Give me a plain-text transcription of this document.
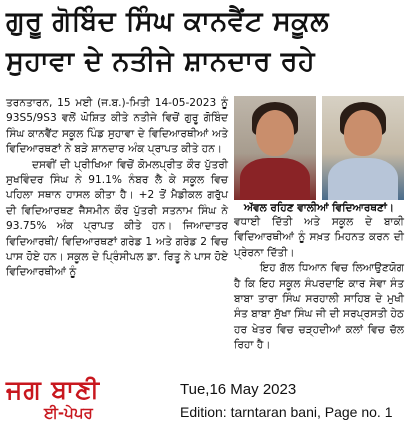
ਗੁਰੂ ਗੋਬਿੰਦ ਸਿੰਘ ਕਾਨਵੈਂਟ ਸਕੂਲ
ਸੁਹਾਵਾ ਦੇ ਨਤੀਜੇ ਸ਼ਾਨਦਾਰ ਰਹੇ

ਤਰਨਤਾਰਨ, 15 ਮਈ (ਜ.ਬ.)-ਮਿਤੀ 14-05-2023 ਨੂੰ 93S5/9S3 ਵਲੋਂ ਘੋਸ਼ਿਤ ਕੀਤੇ ਨਤੀਜੇ ਵਿਚੋਂ ਗੁਰੂ ਗੋਬਿੰਦ ਸਿੰਘ ਕਾਨਵੈਂਟ ਸਕੂਲ ਪਿੰਡ ਸੁਹਾਵਾ ਦੇ ਵਿਦਿਆਰਥੀਆਂ ਅਤੇ ਵਿਦਿਆਰਥਣਾਂ ਨੇ ਬੜੇ ਸ਼ਾਨਦਾਰ ਅੰਕ ਪ੍ਰਾਪਤ ਕੀਤੇ ਹਨ।

ਦਸਵੀਂ ਦੀ ਪ੍ਰੀਖਿਆ ਵਿਚੋਂ ਕੋਮਲਪ੍ਰੀਤ ਕੌਰ ਪੁੱਤਰੀ ਸੁਖਵਿੰਦਰ ਸਿੰਘ ਨੇ 91.1% ਨੰਬਰ ਲੈ ਕੇ ਸਕੂਲ ਵਿਚ ਪਹਿਲਾ ਸਥਾਨ ਹਾਸਲ ਕੀਤਾ ਹੈ। +2 ਤੋਂ ਮੈਡੀਕਲ ਗਰੁੱਪ ਦੀ ਵਿਦਿਆਰਥਣ ਜੈਸਮੀਨ ਕੌਰ ਪੁੱਤਰੀ ਸਤਨਾਮ ਸਿੰਘ ਨੇ 93.75% ਅੰਕ ਪ੍ਰਾਪਤ ਕੀਤੇ ਹਨ। ਜਿਆਦਾਤਰ ਵਿਦਿਆਰਥੀ/ ਵਿਦਿਆਰਥਣਾਂ ਗਰੇਡ 1 ਅਤੇ ਗਰੇਡ 2 ਵਿਚ ਪਾਸ ਹੋਏ ਹਨ। ਸਕੂਲ ਦੇ ਪ੍ਰਿੰਸੀਪਲ ਡਾ. ਰਿਤੂ ਨੇ ਪਾਸ ਹੋਏ ਵਿਦਿਆਰਥੀਆਂ ਨੂੰ

ਅੱਵਲ ਰਹਿਣ ਵਾਲੀਆਂ ਵਿਦਿਆਰਥਣਾਂ।

ਵਧਾਈ ਦਿੱਤੀ ਅਤੇ ਸਕੂਲ ਦੇ ਬਾਕੀ ਵਿਦਿਆਰਥੀਆਂ ਨੂੰ ਸਖ਼ਤ ਮਿਹਨਤ ਕਰਨ ਦੀ ਪ੍ਰੇਰਨਾ ਦਿੱਤੀ।

ਇਹ ਗੱਲ ਧਿਆਨ ਵਿਚ ਲਿਆਉਣਯੋਗ ਹੈ ਕਿ ਇਹ ਸਕੂਲ ਸੰਪਰਦਾਇ ਕਾਰ ਸੇਵਾ ਸੰਤ ਬਾਬਾ ਤਾਰਾ ਸਿੰਘ ਸਰਹਾਲੀ ਸਾਹਿਬ ਦੇ ਮੁਖੀ ਸੰਤ ਬਾਬਾ ਸੁੱਖਾ ਸਿੰਘ ਜੀ ਦੀ ਸਰਪ੍ਰਸਤੀ ਹੇਠ ਹਰ ਖੇਤਰ ਵਿਚ ਚੜ੍ਹਦੀਆਂ ਕਲਾਂ ਵਿਚ ਚੱਲ ਰਿਹਾ ਹੈ।

ਜਗ ਬਾਣੀ
ਈ-ਪੇਪਰ
Tue,16 May 2023
Edition: tarntaran bani, Page no. 1
